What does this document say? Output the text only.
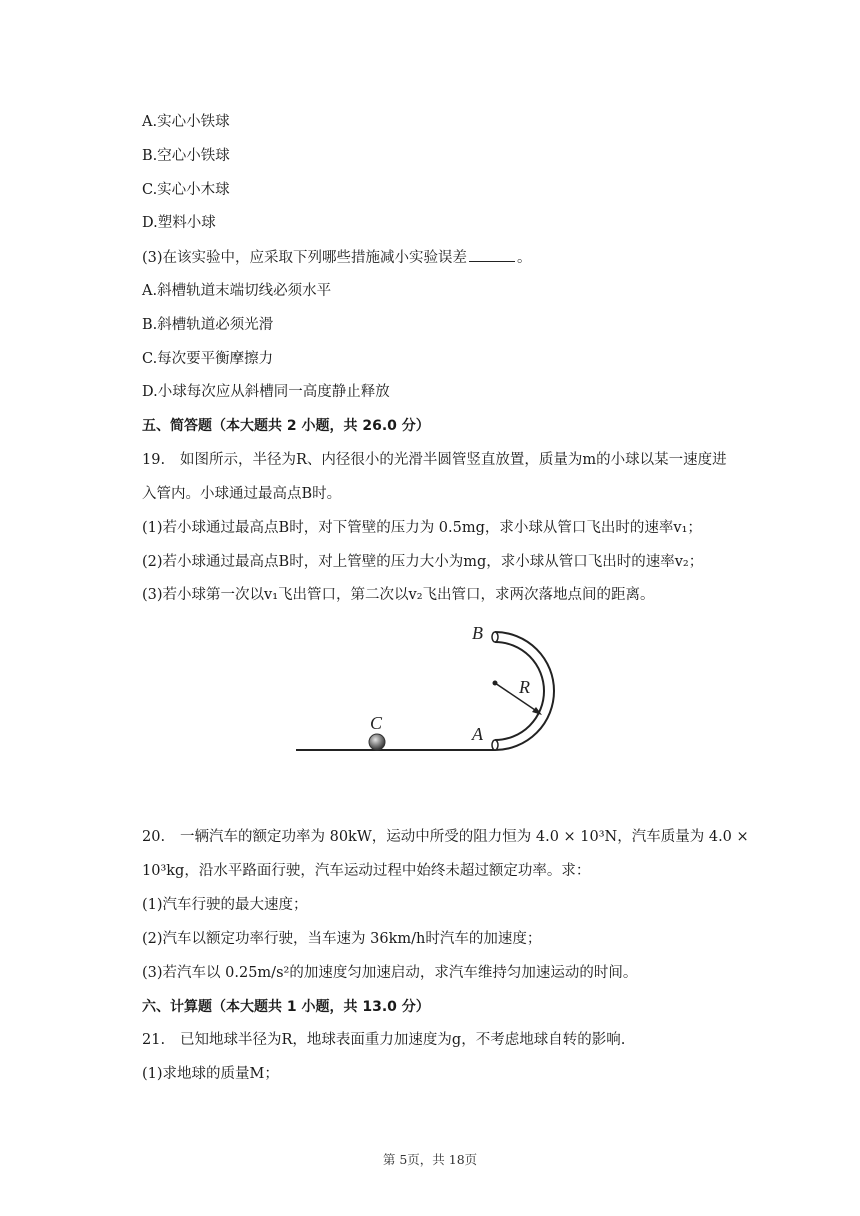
A.实心小铁球
B.空心小铁球
C.实心小木球
D.塑料小球
(3)在该实验中，应采取下列哪些措施减小实验误差	。
A.斜槽轨道末端切线必须水平
B.斜槽轨道必须光滑
C.每次要平衡摩擦力
D.小球每次应从斜槽同一高度静止释放
五、简答题（本大题共 2 小题，共 26.0 分）
19. 如图所示，半径为R、内径很小的光滑半圆管竖直放置，质量为m的小球以某一速度进
入管内。小球通过最高点B时。
(1)若小球通过最高点B时，对下管壁的压力为 0.5mg，求小球从管口飞出时的速率v₁；
(2)若小球通过最高点B时，对上管壁的压力大小为mg，求小球从管口飞出时的速率v₂；
(3)若小球第一次以v₁飞出管口，第二次以v₂飞出管口，求两次落地点间的距离。
B
A
C
R
20. 一辆汽车的额定功率为 80kW，运动中所受的阻力恒为 4.0 × 10³N，汽车质量为 4.0 ×
10³kg，沿水平路面行驶，汽车运动过程中始终未超过额定功率。求：
(1)汽车行驶的最大速度；
(2)汽车以额定功率行驶，当车速为 36km/h时汽车的加速度；
(3)若汽车以 0.25m/s²的加速度匀加速启动，求汽车维持匀加速运动的时间。
六、计算题（本大题共 1 小题，共 13.0 分）
21. 已知地球半径为R，地球表面重力加速度为g，不考虑地球自转的影响.
(1)求地球的质量M；
第 5页，共 18页
